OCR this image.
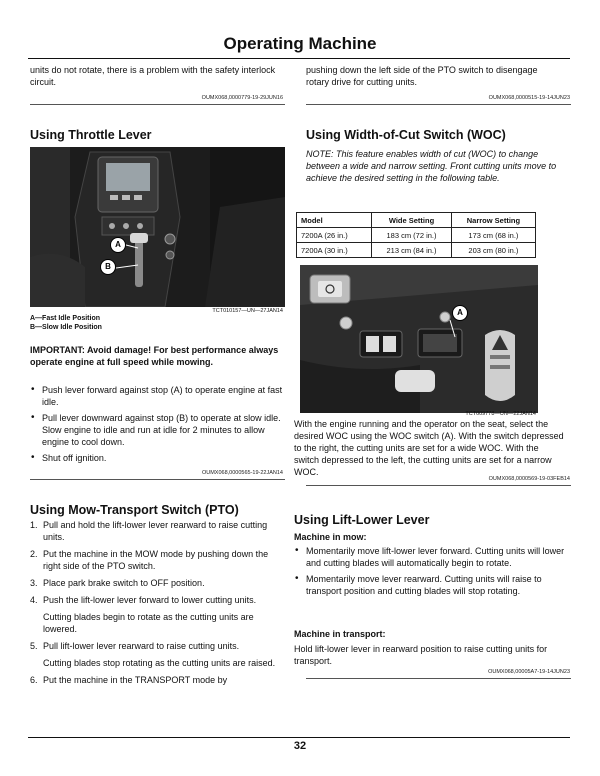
Operating Machine
units do not rotate, there is a problem with the safety interlock circuit.
OUMX068,0000779-19-29JUN16
Using Throttle Lever
A
B
TCT010157—UN—27JAN14
A—Fast Idle Position
B—Slow Idle Position
IMPORTANT: Avoid damage! For best performance always operate engine at full speed while mowing.
• Push lever forward against stop (A) to operate engine at fast idle.
• Pull lever downward against stop (B) to operate at slow idle. Slow engine to idle and run at idle for 2 minutes to allow engine to cool down.
• Shut off ignition.
OUMX068,0000565-19-22JAN14
Using Mow-Transport Switch (PTO)
1. Pull and hold the lift-lower lever rearward to raise cutting units.
2. Put the machine in the MOW mode by pushing down the right side of the PTO switch.
3. Place park brake switch to OFF position.
4. Push the lift-lower lever forward to lower cutting units.
Cutting blades begin to rotate as the cutting units are lowered.
5. Pull lift-lower lever rearward to raise cutting units.
Cutting blades stop rotating as the cutting units are raised.
6. Put the machine in the TRANSPORT mode by
pushing down the left side of the PTO switch to disengage rotary drive for cutting units.
OUMX068,0000515-19-14JUN23
Using Width-of-Cut Switch (WOC)
NOTE: This feature enables width of cut (WOC) to change between a wide and narrow setting. Front cutting units move to achieve the desired setting in the following table.
Model	Wide Setting	Narrow Setting
7200A (26 in.)	183 cm (72 in.)	173 cm (68 in.)
7200A (30 in.)	213 cm (84 in.)	203 cm (80 in.)
A
TCT009778—UN—22JAN14
With the engine running and the operator on the seat, select the desired WOC using the WOC switch (A). With the switch depressed to the right, the cutting units are set for a wide WOC. With the switch depressed to the left, the cutting units are set for a narrow WOC.
OUMX068,0000569-19-03FEB14
Using Lift-Lower Lever
Machine in mow:
• Momentarily move lift-lower lever forward. Cutting units will lower and cutting blades will automatically begin to rotate.
• Momentarily move lever rearward. Cutting units will raise to transport position and cutting blades will stop rotating.
Machine in transport:
Hold lift-lower lever in rearward position to raise cutting units for transport.
OUMX068,00005A7-19-14JUN23
32
